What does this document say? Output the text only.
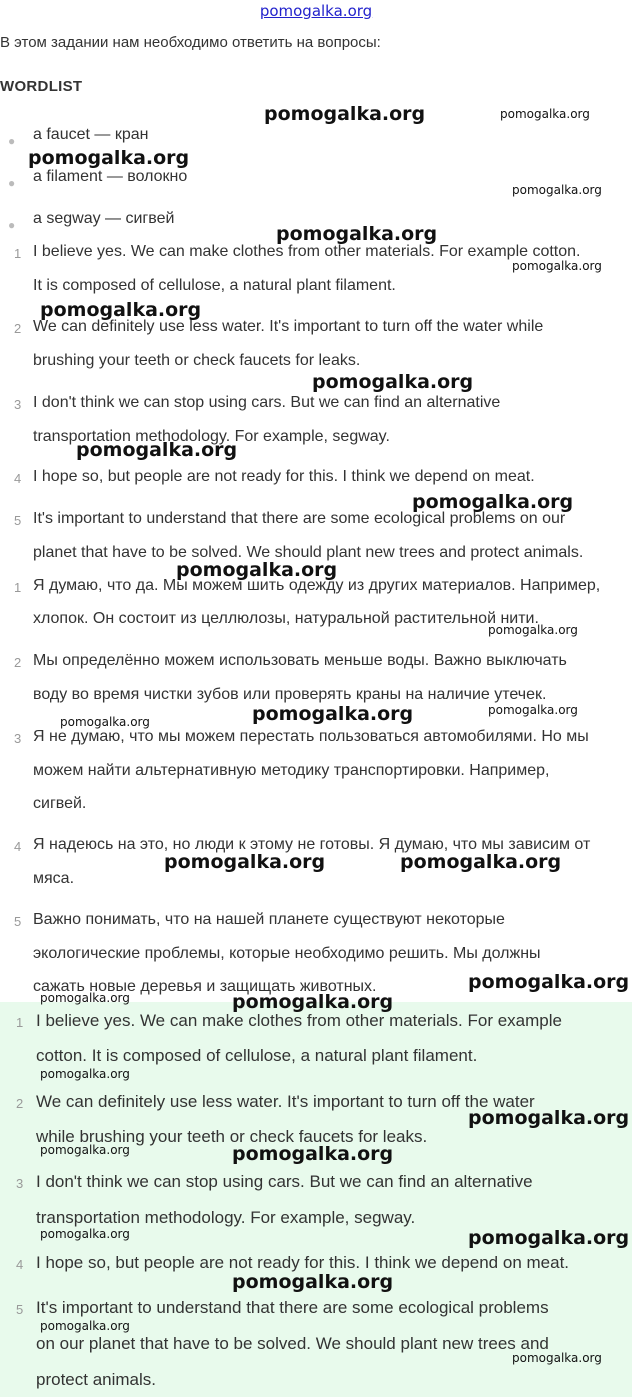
pomogalka.org
В этом задании нам необходимо ответить на вопросы:
WORDLIST
● a faucet — кран
● a filament — волокно
● a segway — сигвей
1 I believe yes. We can make clothes from other materials. For example cotton.
It is composed of cellulose, a natural plant filament.
2 We can definitely use less water. It's important to turn off the water while
brushing your teeth or check faucets for leaks.
3 I don't think we can stop using cars. But we can find an alternative
transportation methodology. For example, segway.
4 I hope so, but people are not ready for this. I think we depend on meat.
5 It's important to understand that there are some ecological problems on our
planet that have to be solved. We should plant new trees and protect animals.
1 Я думаю, что да. Мы можем шить одежду из других материалов. Например,
хлопок. Он состоит из целлюлозы, натуральной растительной нити.
2 Мы определённо можем использовать меньше воды. Важно выключать
воду во время чистки зубов или проверять краны на наличие утечек.
3 Я не думаю, что мы можем перестать пользоваться автомобилями. Но мы
можем найти альтернативную методику транспортировки. Например,
сигвей.
4 Я надеюсь на это, но люди к этому не готовы. Я думаю, что мы зависим от
мяса.
5 Важно понимать, что на нашей планете существуют некоторые
экологические проблемы, которые необходимо решить. Мы должны
сажать новые деревья и защищать животных.
1 I believe yes. We can make clothes from other materials. For example
cotton. It is composed of cellulose, a natural plant filament.
2 We can definitely use less water. It's important to turn off the water
while brushing your teeth or check faucets for leaks.
3 I don't think we can stop using cars. But we can find an alternative
transportation methodology. For example, segway.
4 I hope so, but people are not ready for this. I think we depend on meat.
5 It's important to understand that there are some ecological problems
on our planet that have to be solved. We should plant new trees and
protect animals.
pomogalka.org	pomogalka.org
pomogalka.org
pomogalka.org
pomogalka.org
pomogalka.org
pomogalka.org
pomogalka.org
pomogalka.org
pomogalka.org
pomogalka.org
pomogalka.org
pomogalka.org
pomogalka.org
pomogalka.org
pomogalka.org	pomogalka.org
pomogalka.org
pomogalka.org	pomogalka.org
pomogalka.org
pomogalka.org
pomogalka.org	pomogalka.org
pomogalka.org	pomogalka.org
pomogalka.org
pomogalka.org
pomogalka.org
